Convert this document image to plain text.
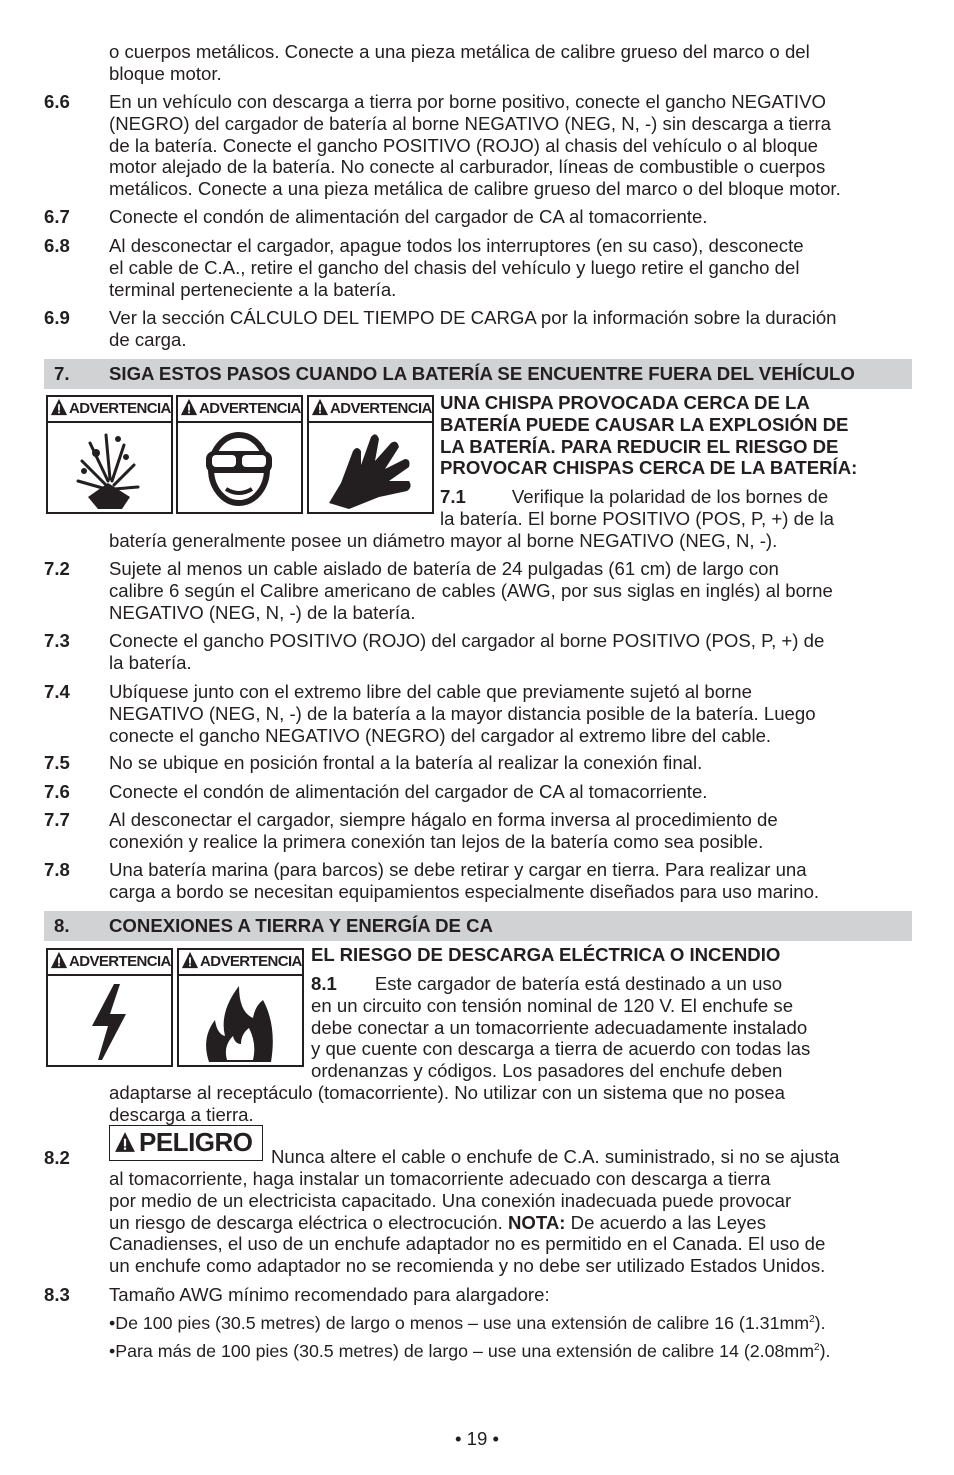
o cuerpos metálicos. Conecte a una pieza metálica de calibre grueso del marco o del
bloque motor.
6.6	En un vehículo con descarga a tierra por borne positivo, conecte el gancho NEGATIVO
(NEGRO) del cargador de batería al borne NEGATIVO (NEG, N, -) sin descarga a tierra
de la batería. Conecte el gancho POSITIVO (ROJO) al chasis del vehículo o al bloque
motor alejado de la batería. No conecte al carburador, líneas de combustible o cuerpos
metálicos. Conecte a una pieza metálica de calibre grueso del marco o del bloque motor.
6.7	Conecte el condón de alimentación del cargador de CA al tomacorriente.
6.8	Al desconectar el cargador, apague todos los interruptores (en su caso), desconecte
el cable de C.A., retire el gancho del chasis del vehículo y luego retire el gancho del
terminal perteneciente a la batería.
6.9	Ver la sección CÁLCULO DEL TIEMPO DE CARGA por la información sobre la duración
de carga.
7. SIGA ESTOS PASOS CUANDO LA BATERÍA SE ENCUENTRE FUERA DEL VEHÍCULO
ADVERTENCIA	ADVERTENCIA	ADVERTENCIA UNA CHISPA PROVOCADA CERCA DE LA
BATERÍA PUEDE CAUSAR LA EXPLOSIÓN DE
LA BATERÍA. PARA REDUCIR EL RIESGO DE
PROVOCAR CHISPAS CERCA DE LA BATERÍA:
7.1 Verifique la polaridad de los bornes de
la batería. El borne POSITIVO (POS, P, +) de la
batería generalmente posee un diámetro mayor al borne NEGATIVO (NEG, N, -).
7.2	Sujete al menos un cable aislado de batería de 24 pulgadas (61 cm) de largo con
calibre 6 según el Calibre americano de cables (AWG, por sus siglas en inglés) al borne
NEGATIVO (NEG, N, -) de la batería.
7.3	Conecte el gancho POSITIVO (ROJO) del cargador al borne POSITIVO (POS, P, +) de
la batería.
7.4	Ubíquese junto con el extremo libre del cable que previamente sujetó al borne
NEGATIVO (NEG, N, -) de la batería a la mayor distancia posible de la batería. Luego
conecte el gancho NEGATIVO (NEGRO) del cargador al extremo libre del cable.
7.5	No se ubique en posición frontal a la batería al realizar la conexión final.
7.6	Conecte el condón de alimentación del cargador de CA al tomacorriente.
7.7	Al desconectar el cargador, siempre hágalo en forma inversa al procedimiento de
conexión y realice la primera conexión tan lejos de la batería como sea posible.
7.8	Una batería marina (para barcos) se debe retirar y cargar en tierra. Para realizar una
carga a bordo se necesitan equipamientos especialmente diseñados para uso marino.
8. CONEXIONES A TIERRA Y ENERGÍA DE CA
ADVERTENCIA	ADVERTENCIA EL RIESGO DE DESCARGA ELÉCTRICA O INCENDIO
8.1 Este cargador de batería está destinado a un uso
en un circuito con tensión nominal de 120 V. El enchufe se
debe conectar a un tomacorriente adecuadamente instalado
y que cuente con descarga a tierra de acuerdo con todas las
ordenanzas y códigos. Los pasadores del enchufe deben
adaptarse al receptáculo (tomacorriente). No utilizar con un sistema que no posea
descarga a tierra.
PELIGRO
8.2	Nunca altere el cable o enchufe de C.A. suministrado, si no se ajusta
al tomacorriente, haga instalar un tomacorriente adecuado con descarga a tierra
por medio de un electricista capacitado. Una conexión inadecuada puede provocar
un riesgo de descarga eléctrica o electrocución. NOTA: De acuerdo a las Leyes
Canadienses, el uso de un enchufe adaptador no es permitido en el Canada. El uso de
un enchufe como adaptador no se recomienda y no debe ser utilizado Estados Unidos.
8.3	Tamaño AWG mínimo recomendado para alargadore:
•De 100 pies (30.5 metres) de largo o menos – use una extensión de calibre 16 $(1.31mm^2)$.
•Para más de 100 pies (30.5 metres) de largo – use una extensión de calibre 14 $(2.08mm^2)$.
• 19 •
